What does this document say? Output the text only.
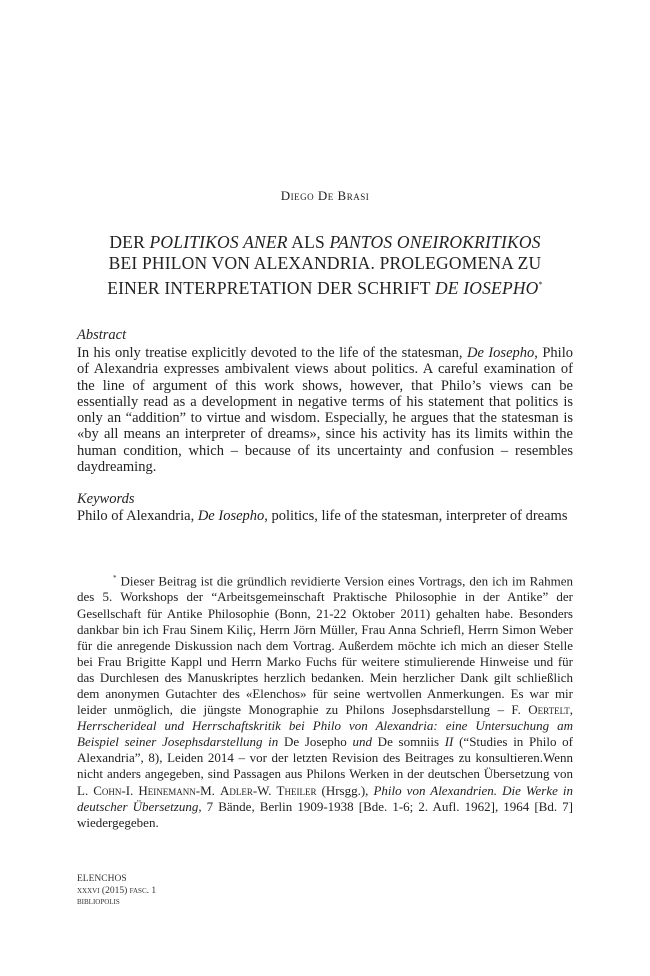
Diego De Brasi
DER POLITIKOS ANER ALS PANTOS ONEIROKRITIKOS
BEI PHILON VON ALEXANDRIA. PROLEGOMENA ZU
EINER INTERPRETATION DER SCHRIFT DE IOSEPHO*
Abstract
In his only treatise explicitly devoted to the life of the statesman, De Iosepho, Philo of Alexandria expresses ambivalent views about politics. A careful examination of the line of argument of this work shows, however, that Philo’s views can be essentially read as a development in negative terms of his statement that politics is only an “addition” to virtue and wisdom. Especially, he argues that the statesman is «by all means an interpreter of dreams», since his activity has its limits within the human condition, which – because of its uncertainty and confusion – resembles daydreaming.
Keywords
Philo of Alexandria, De Iosepho, politics, life of the statesman, interpreter of dreams
* Dieser Beitrag ist die gründlich revidierte Version eines Vortrags, den ich im Rahmen des 5. Workshops der “Arbeitsgemeinschaft Praktische Philosophie in der Antike” der Gesellschaft für Antike Philosophie (Bonn, 21-22 Oktober 2011) gehalten habe. Besonders dankbar bin ich Frau Sinem Kiliç, Herrn Jörn Müller, Frau Anna Schriefl, Herrn Simon Weber für die anregende Diskussion nach dem Vortrag. Außerdem möchte ich mich an dieser Stelle bei Frau Brigitte Kappl und Herrn Marko Fuchs für weitere stimulierende Hinweise und für das Durchlesen des Manuskriptes herzlich bedanken. Mein herzlicher Dank gilt schließlich dem anonymen Gutachter des «Elenchos» für seine wertvollen Anmerkungen. Es war mir leider unmöglich, die jüngste Monographie zu Philons Josephsdarstellung – F. Oertelt, Herrscherideal und Herrschaftskritik bei Philo von Alexandria: eine Untersuchung am Beispiel seiner Josephsdarstellung in De Josepho und De somniis II (“Studies in Philo of Alexandria”, 8), Leiden 2014 – vor der letzten Revision des Beitrages zu konsultieren.Wenn nicht anders angegeben, sind Passagen aus Philons Werken in der deutschen Übersetzung von L. Cohn-I. Heinemann-M. Adler-W. Theiler (Hrsgg.), Philo von Alexandrien. Die Werke in deutscher Übersetzung, 7 Bände, Berlin 1909-1938 [Bde. 1-6; 2. Aufl. 1962], 1964 [Bd. 7] wiedergegeben.
ELENCHOS
xxxvi (2015) fasc. 1
bibliopolis
